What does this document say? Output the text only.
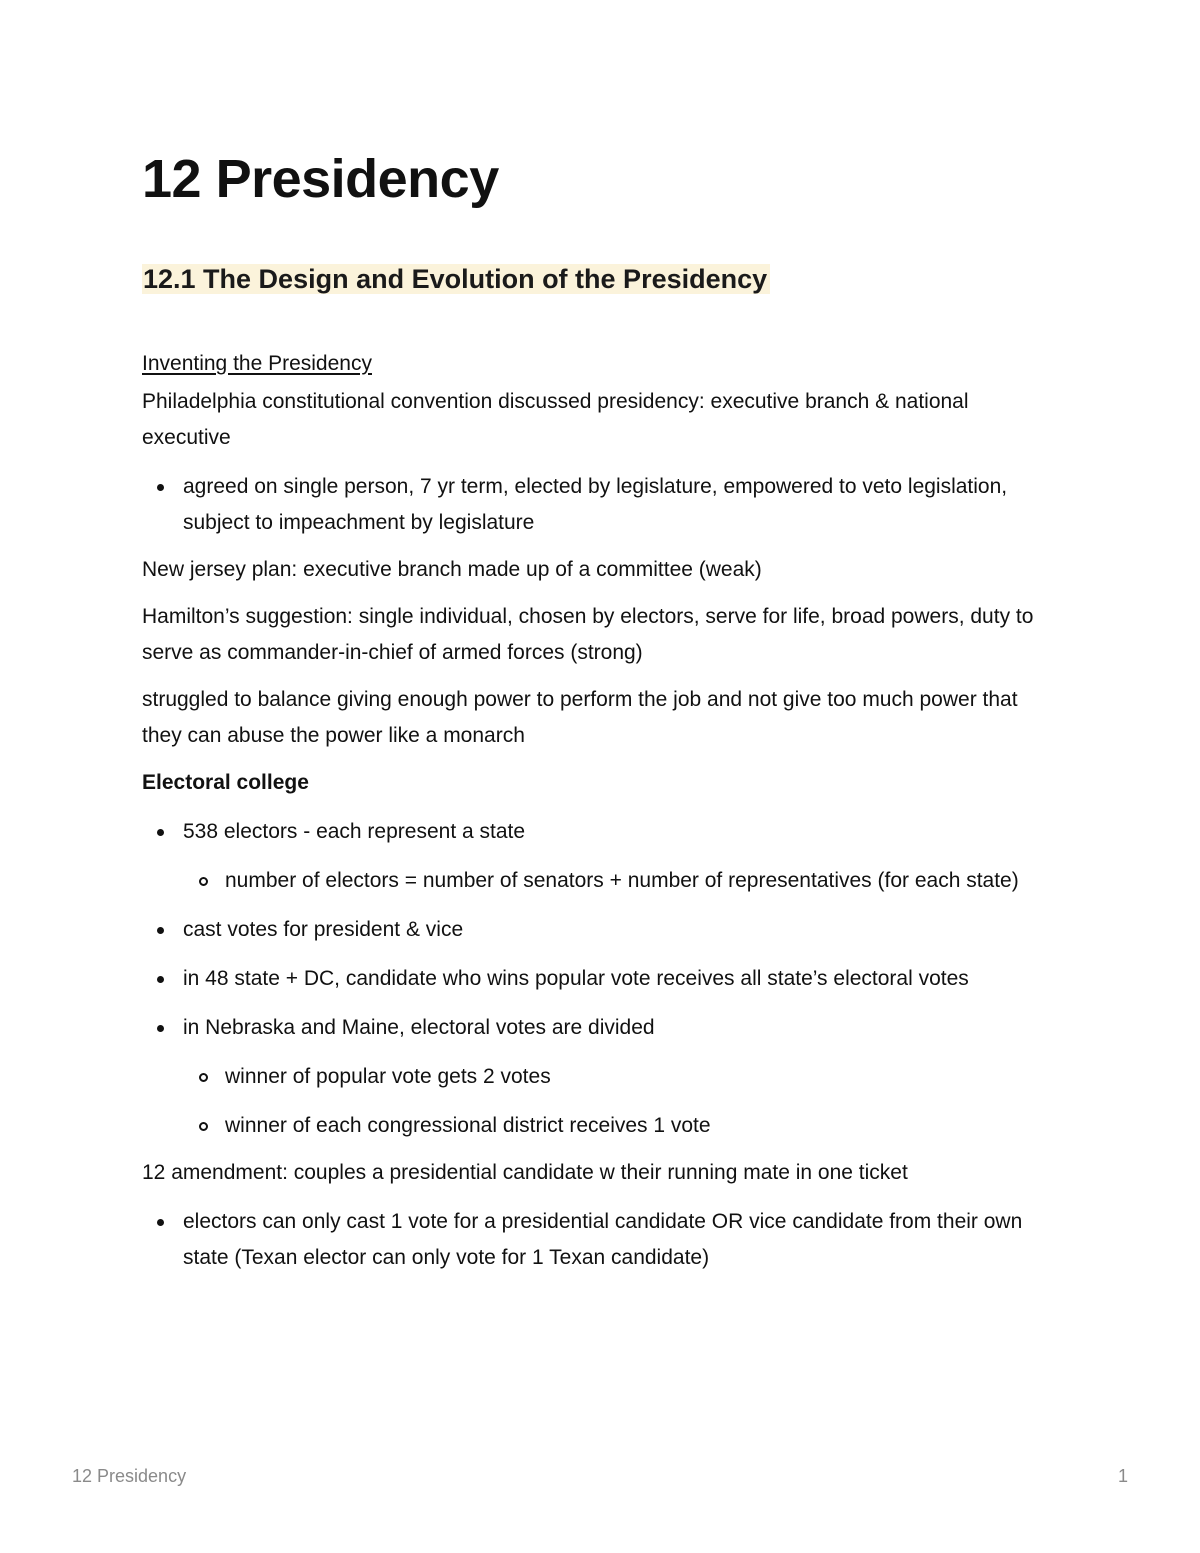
12 Presidency
12.1 The Design and Evolution of the Presidency
Inventing the Presidency

Philadelphia constitutional convention discussed presidency: executive branch & national executive

agreed on single person, 7 yr term, elected by legislature, empowered to veto legislation, subject to impeachment by legislature

New jersey plan: executive branch made up of a committee (weak)

Hamilton’s suggestion: single individual, chosen by electors, serve for life, broad powers, duty to serve as commander-in-chief of armed forces (strong)

struggled to balance giving enough power to perform the job and not give too much power that they can abuse the power like a monarch

Electoral college

538 electors - each represent a state
number of electors = number of senators + number of representatives (for each state)
cast votes for president & vice
in 48 state + DC, candidate who wins popular vote receives all state’s electoral votes
in Nebraska and Maine, electoral votes are divided
winner of popular vote gets 2 votes
winner of each congressional district receives 1 vote

12 amendment: couples a presidential candidate w their running mate in one ticket

electors can only cast 1 vote for a presidential candidate OR vice candidate from their own state (Texan elector can only vote for 1 Texan candidate)
12 Presidency	1
